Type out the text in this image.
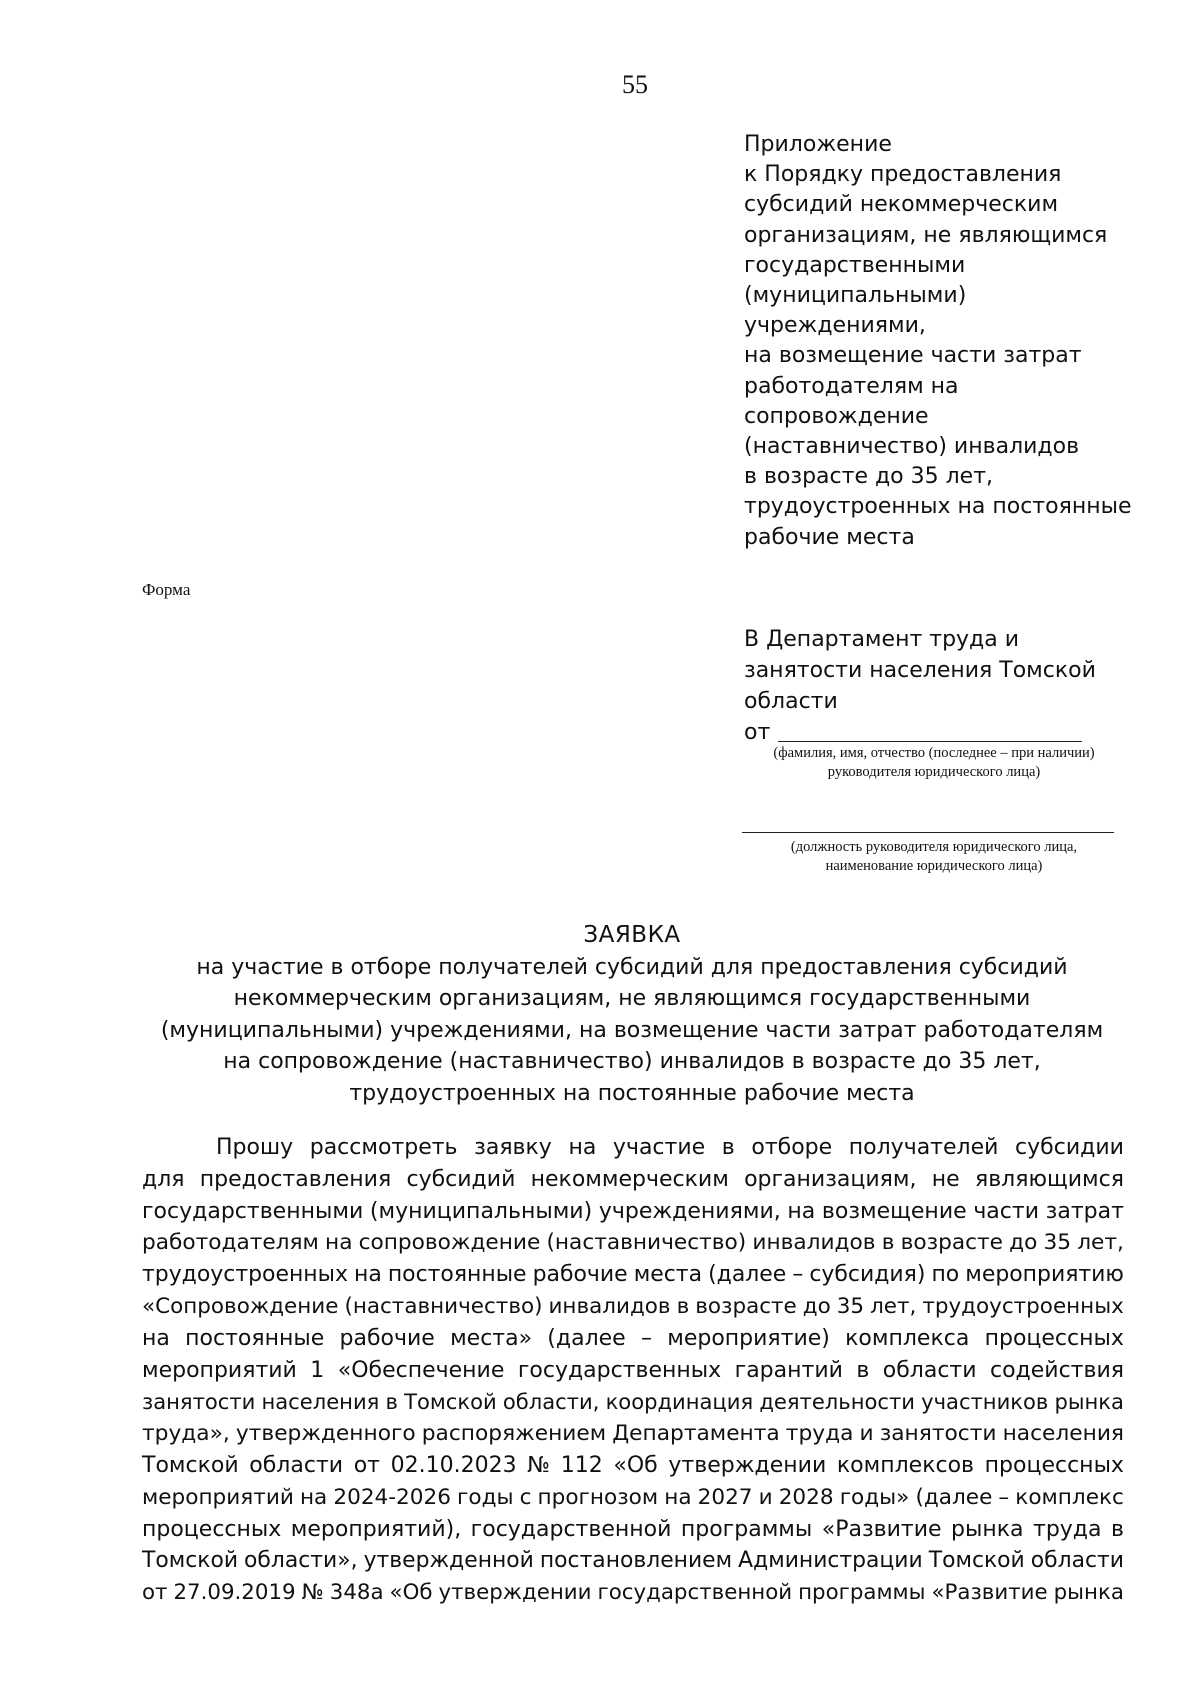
55
Приложение
к Порядку предоставления
субсидий некоммерческим
организациям, не являющимся
государственными
(муниципальными)
учреждениями,
на возмещение части затрат
работодателям на
сопровождение
(наставничество) инвалидов
в возрасте до 35 лет,
трудоустроенных на постоянные
рабочие места
Форма
В Департамент труда и
занятости населения Томской
области
от
(фамилия, имя, отчество (последнее – при наличии)
руководителя юридического лица)
(должность руководителя юридического лица,
наименование юридического лица)
ЗАЯВКА
на участие в отборе получателей субсидий для предоставления субсидий
некоммерческим организациям, не являющимся государственными
(муниципальными) учреждениями, на возмещение части затрат работодателям
на сопровождение (наставничество) инвалидов в возрасте до 35 лет,
трудоустроенных на постоянные рабочие места
Прошу рассмотреть заявку на участие в отборе получателей субсидии
для предоставления субсидий некоммерческим организациям, не являющимся
государственными (муниципальными) учреждениями, на возмещение части затрат
работодателям на сопровождение (наставничество) инвалидов в возрасте до 35 лет,
трудоустроенных на постоянные рабочие места (далее – субсидия) по мероприятию
«Сопровождение (наставничество) инвалидов в возрасте до 35 лет, трудоустроенных
на постоянные рабочие места» (далее – мероприятие) комплекса процессных
мероприятий 1 «Обеспечение государственных гарантий в области содействия
занятости населения в Томской области, координация деятельности участников рынка
труда», утвержденного распоряжением Департамента труда и занятости населения
Томской области от 02.10.2023 № 112 «Об утверждении комплексов процессных
мероприятий на 2024-2026 годы с прогнозом на 2027 и 2028 годы» (далее – комплекс
процессных мероприятий), государственной программы «Развитие рынка труда в
Томской области», утвержденной постановлением Администрации Томской области
от 27.09.2019 № 348а «Об утверждении государственной программы «Развитие рынка
